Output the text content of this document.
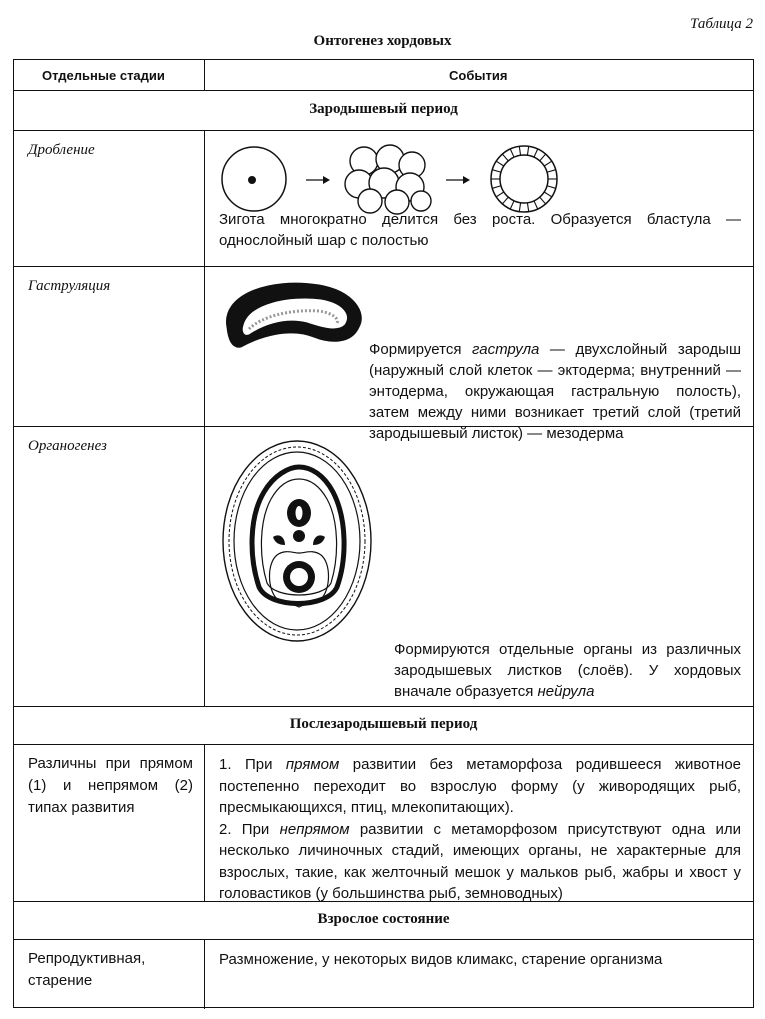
Таблица 2
Онтогенез хордовых
Отдельные стадии	События
Зародышевый период
Дробление
Зигота многократно делится без роста. Образуется бластула — однослойный шар с полостью
Гаструляция
Формируется гаструла — двухслойный зародыш (наружный слой клеток — эктодерма; внутренний — энтодерма, окружающая гастральную полость), затем между ними возникает третий слой (третий зародышевый листок) — мезодерма
Органогенез
Формируются отдельные органы из различных зародышевых листков (слоёв). У хордовых вначале образуется нейрула
Послезародышевый период
Различны при прямом (1) и непрямом (2) типах развития

1. При прямом развитии без метаморфоза родившееся животное постепенно переходит во взрослую форму (у живородящих рыб, пресмыкающихся, птиц, млекопитающих).

2. При непрямом развитии с метаморфозом присутствуют одна или несколько личиночных стадий, имеющих органы, не характерные для взрослых, такие, как желточный мешок у мальков рыб, жабры и хвост у головастиков (у большинства рыб, земноводных)

Взрослое состояние
Репродуктивная, старение
Размножение, у некоторых видов климакс, старение организма
